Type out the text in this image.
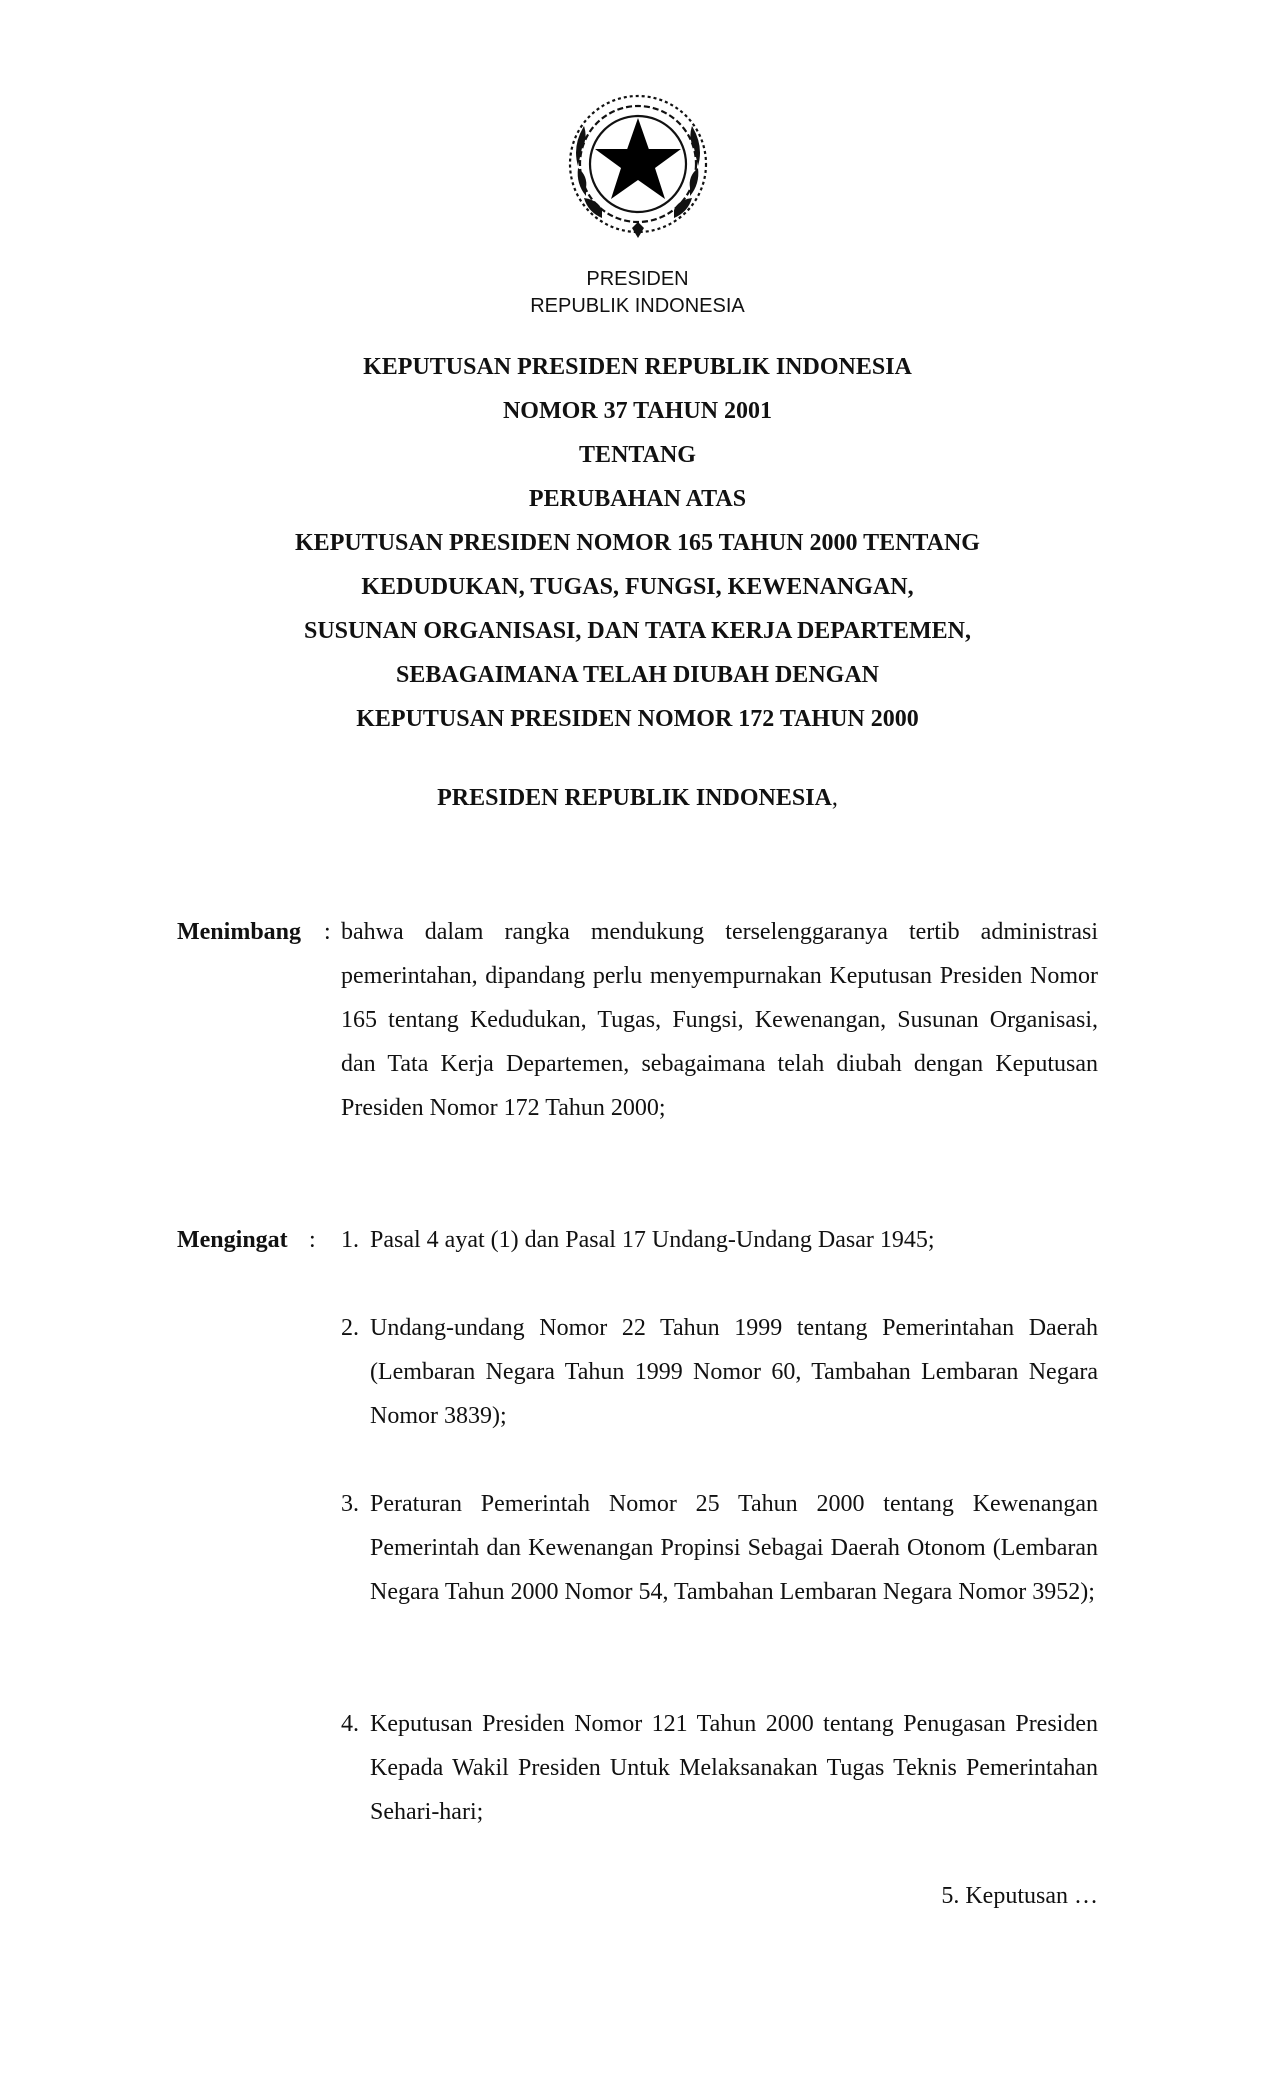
PRESIDEN
REPUBLIK INDONESIA
KEPUTUSAN PRESIDEN REPUBLIK INDONESIA
NOMOR 37 TAHUN 2001
TENTANG
PERUBAHAN ATAS
KEPUTUSAN PRESIDEN NOMOR 165 TAHUN 2000 TENTANG
KEDUDUKAN, TUGAS, FUNGSI, KEWENANGAN,
SUSUNAN ORGANISASI, DAN TATA KERJA DEPARTEMEN,
SEBAGAIMANA TELAH DIUBAH DENGAN
KEPUTUSAN PRESIDEN NOMOR 172 TAHUN 2000
PRESIDEN REPUBLIK INDONESIA,
Menimbang : bahwa dalam rangka mendukung terselenggaranya tertib administrasi pemerintahan, dipandang perlu menyempurnakan Keputusan Presiden Nomor 165 tentang Kedudukan, Tugas, Fungsi, Kewenangan, Susunan Organisasi, dan Tata Kerja Departemen, sebagaimana telah diubah dengan Keputusan Presiden Nomor 172 Tahun 2000;
Mengingat : 1. Pasal 4 ayat (1) dan Pasal 17 Undang-Undang Dasar 1945;
2. Undang-undang Nomor 22 Tahun 1999 tentang Pemerintahan Daerah (Lembaran Negara Tahun 1999 Nomor 60, Tambahan Lembaran Negara Nomor 3839);
3. Peraturan Pemerintah Nomor 25 Tahun 2000 tentang Kewenangan Pemerintah dan Kewenangan Propinsi Sebagai Daerah Otonom (Lembaran Negara Tahun 2000 Nomor 54, Tambahan Lembaran Negara Nomor 3952);
4. Keputusan Presiden Nomor 121 Tahun 2000 tentang Penugasan Presiden Kepada Wakil Presiden Untuk Melaksanakan Tugas Teknis Pemerintahan Sehari-hari;
5. Keputusan …
